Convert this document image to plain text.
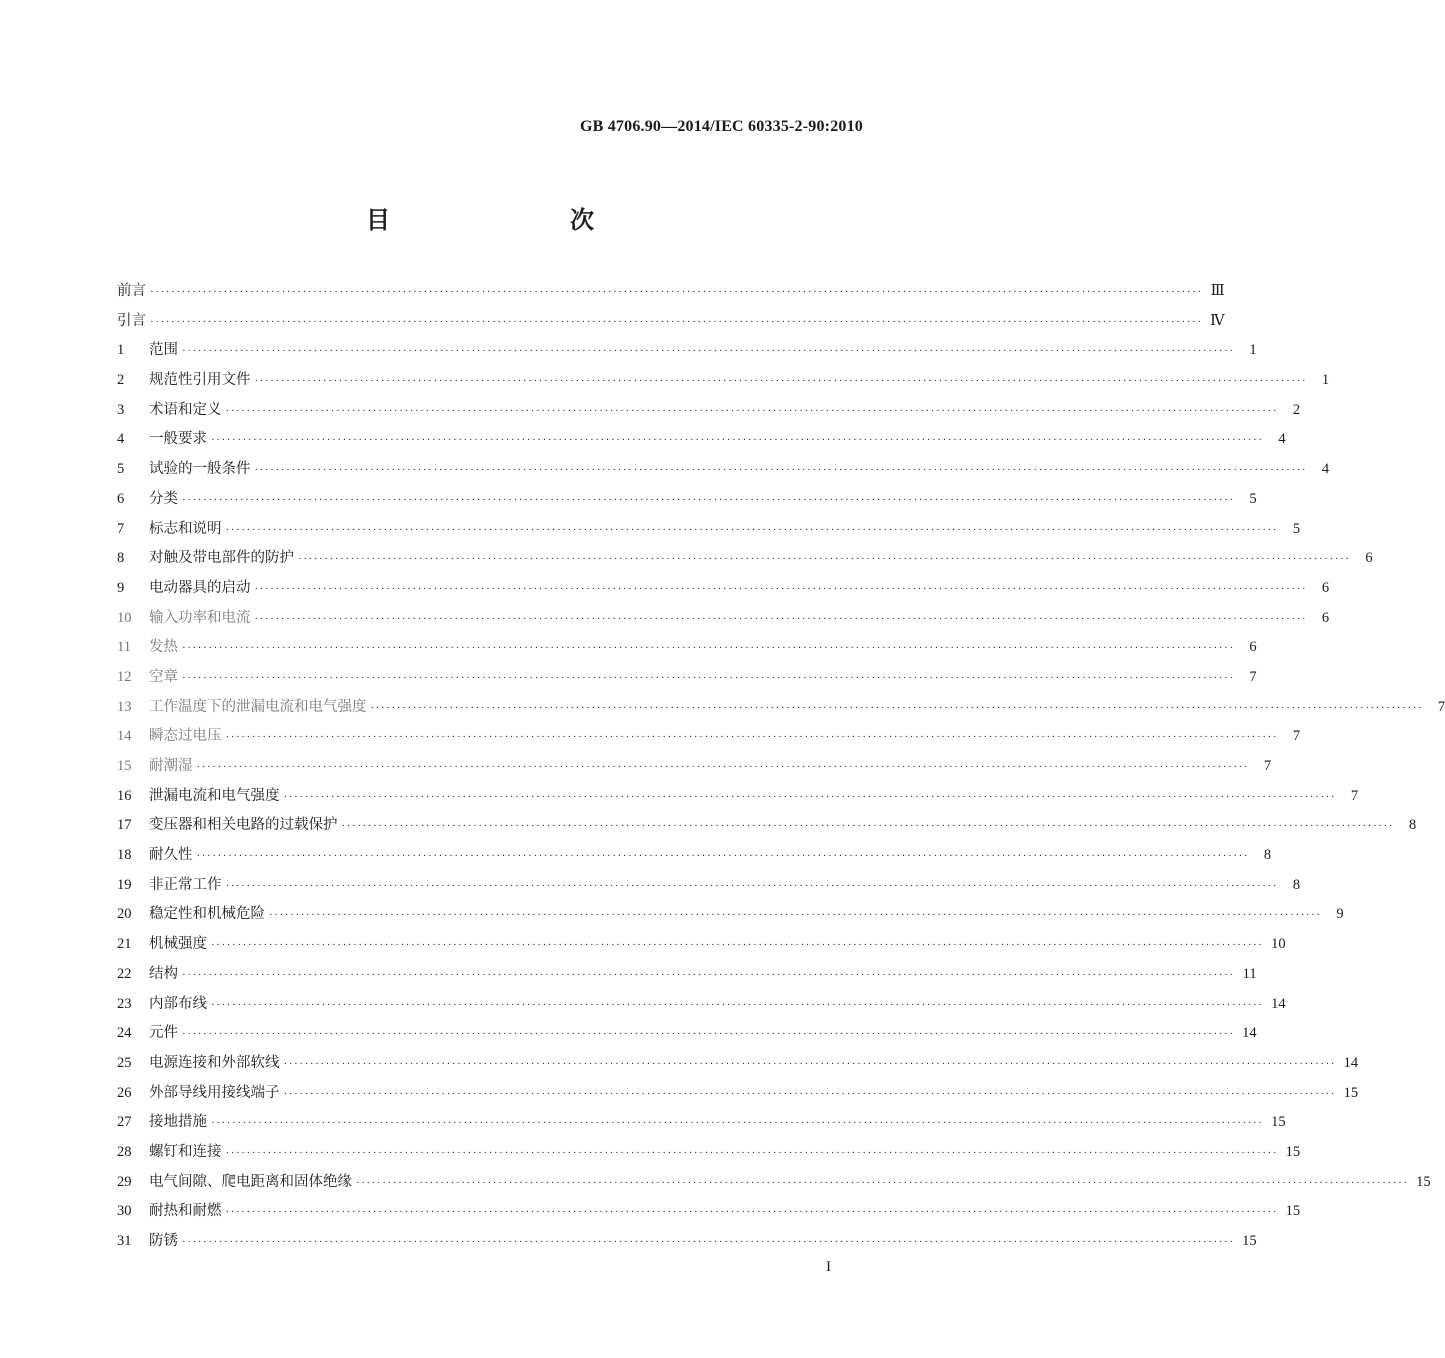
GB 4706.90—2014/IEC 60335-2-90:2010
目　　次
前言 ········································································································································································································ Ⅲ
引言 ········································································································································································································ Ⅳ
1	范围 ········································································································································································································	1
2	规范性引用文件 ········································································································································································································	1
3	术语和定义 ········································································································································································································	2
4	一般要求 ········································································································································································································	4
5	试验的一般条件 ········································································································································································································	4
6	分类 ········································································································································································································	5
7	标志和说明 ········································································································································································································	5
8	对触及带电部件的防护 ········································································································································································································	6
9	电动器具的启动 ········································································································································································································	6
10	输入功率和电流 ········································································································································································································	6
11	发热 ········································································································································································································	6
12	空章 ········································································································································································································	7
13	工作温度下的泄漏电流和电气强度 ········································································································································································································	7
14	瞬态过电压 ········································································································································································································	7
15	耐潮湿 ········································································································································································································	7
16	泄漏电流和电气强度 ········································································································································································································	7
17	变压器和相关电路的过载保护 ········································································································································································································	8
18	耐久性 ········································································································································································································	8
19	非正常工作 ········································································································································································································	8
20	稳定性和机械危险 ········································································································································································································	9
21	机械强度 ········································································································································································································ 10
22	结构 ········································································································································································································ 11
23	内部布线 ········································································································································································································ 14
24	元件 ········································································································································································································ 14
25	电源连接和外部软线 ········································································································································································································ 14
26	外部导线用接线端子 ········································································································································································································ 15
27	接地措施 ········································································································································································································ 15
28	螺钉和连接 ········································································································································································································ 15
29	电气间隙、爬电距离和固体绝缘 ········································································································································································································ 15
30	耐热和耐燃 ········································································································································································································ 15
31	防锈 ········································································································································································································ 15
I
